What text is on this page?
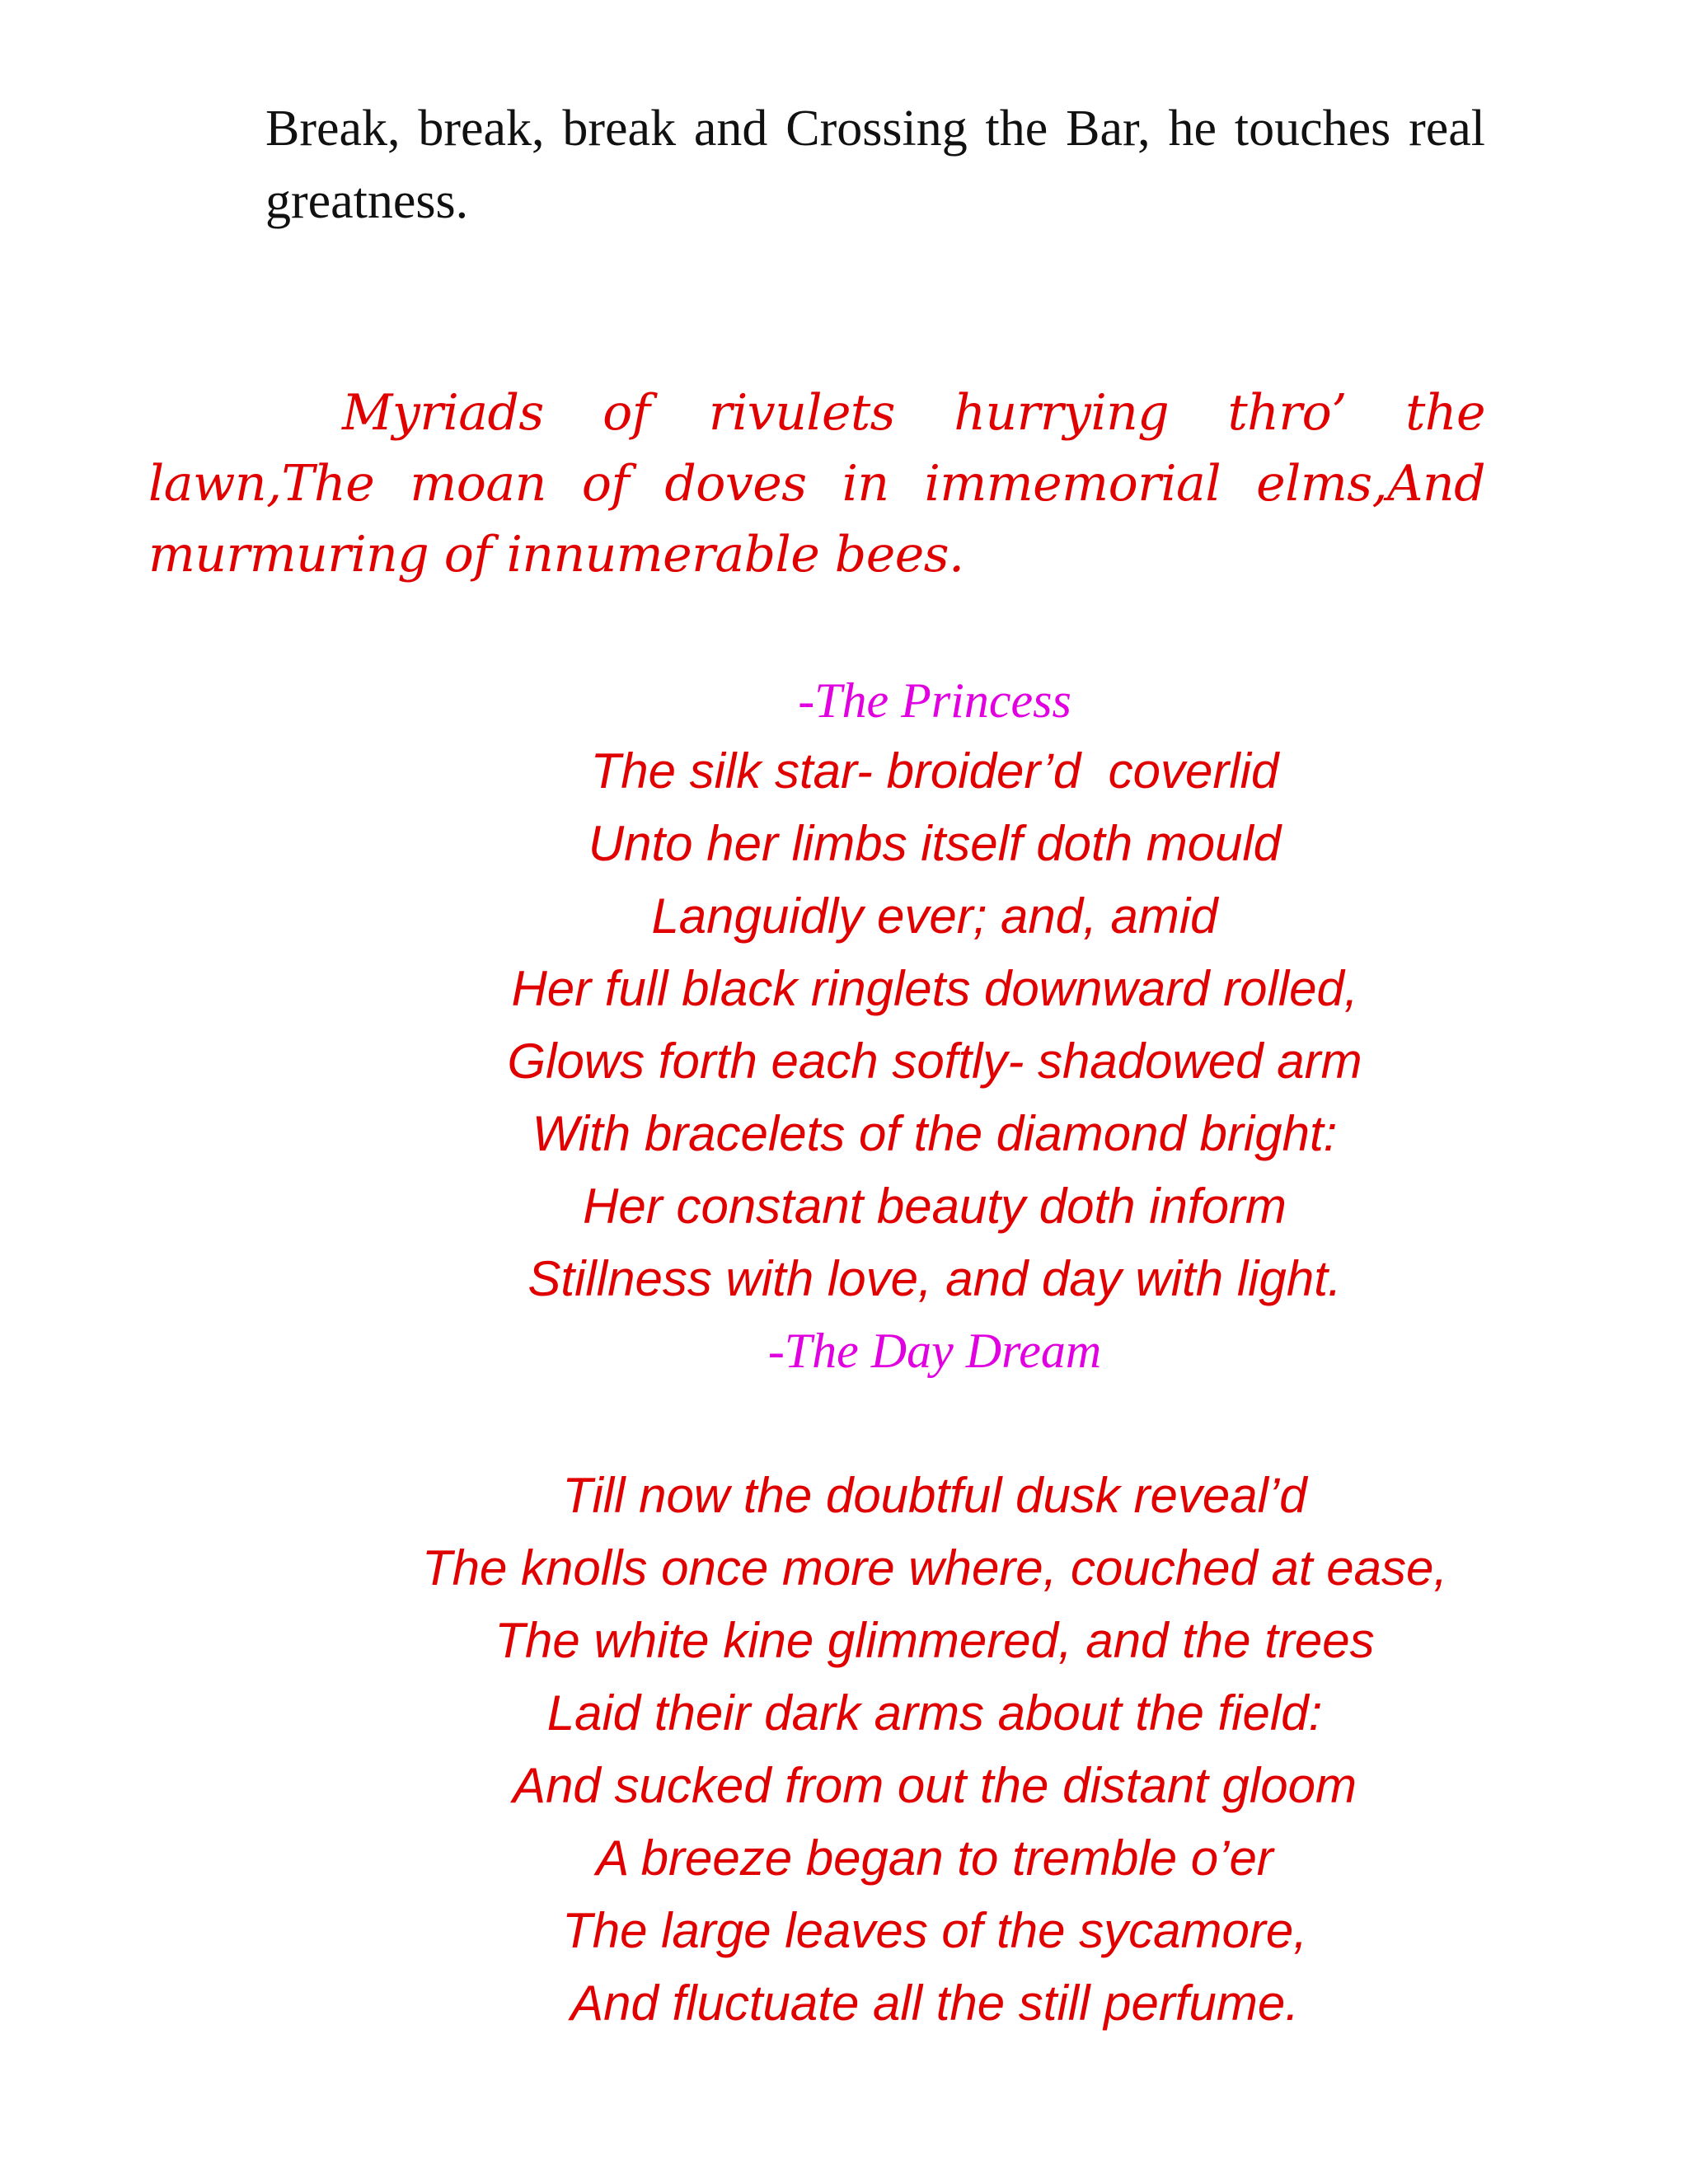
Break, break, break and Crossing the Bar, he touches real greatness.

Myriads of rivulets hurrying thro’ the lawn,The moan of doves in immemorial elms,And murmuring of innumerable bees.

-The Princess

The silk star- broider’d  coverlid
Unto her limbs itself doth mould
Languidly ever; and, amid
Her full black ringlets downward rolled,
Glows forth each softly- shadowed arm
With bracelets of the diamond bright:
Her constant beauty doth inform
Stillness with love, and day with light.

-The Day Dream

Till now the doubtful dusk reveal’d
The knolls once more where, couched at ease,
The white kine glimmered, and the trees
Laid their dark arms about the field:
And sucked from out the distant gloom
A breeze began to tremble o’er
The large leaves of the sycamore,
And fluctuate all the still perfume.
